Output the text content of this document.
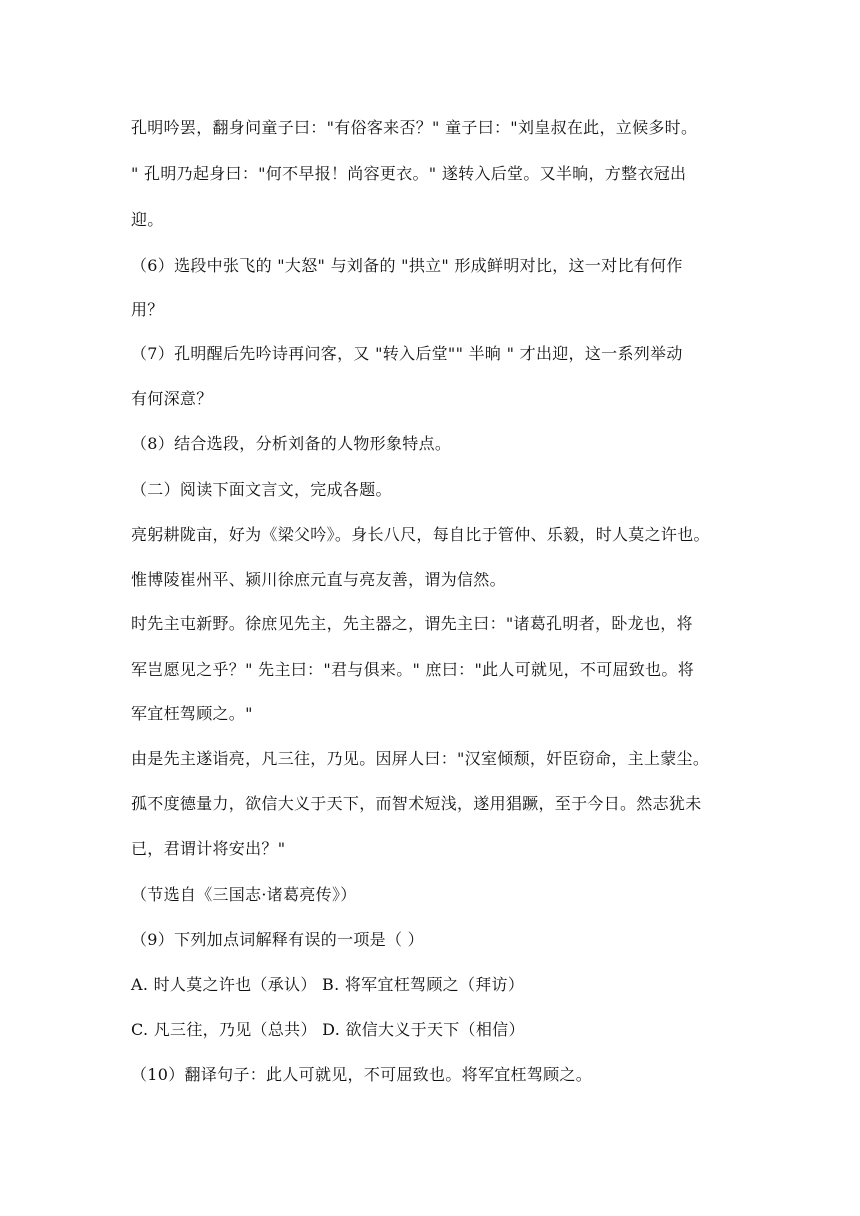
孔明吟罢，翻身问童子曰："有俗客来否？" 童子曰："刘皇叔在此，立候多时。
" 孔明乃起身曰："何不早报！尚容更衣。" 遂转入后堂。又半晌，方整衣冠出
迎。
（6）选段中张飞的 "大怒" 与刘备的 "拱立" 形成鲜明对比，这一对比有何作
用？
（7）孔明醒后先吟诗再问客，又 "转入后堂"" 半晌 " 才出迎，这一系列举动
有何深意？
（8）结合选段，分析刘备的人物形象特点。
（二）阅读下面文言文，完成各题。
亮躬耕陇亩，好为《梁父吟》。身长八尺，每自比于管仲、乐毅，时人莫之许也。
惟博陵崔州平、颍川徐庶元直与亮友善，谓为信然。
时先主屯新野。徐庶见先主，先主器之，谓先主曰："诸葛孔明者，卧龙也，将
军岂愿见之乎？" 先主曰："君与俱来。" 庶曰："此人可就见，不可屈致也。将
军宜枉驾顾之。"
由是先主遂诣亮，凡三往，乃见。因屏人曰："汉室倾颓，奸臣窃命，主上蒙尘。
孤不度德量力，欲信大义于天下，而智术短浅，遂用猖蹶，至于今日。然志犹未
已，君谓计将安出？"
（节选自《三国志·诸葛亮传》）
（9）下列加点词解释有误的一项是（ ）
A. 时人莫之许也（承认） B. 将军宜枉驾顾之（拜访）
C. 凡三往，乃见（总共） D. 欲信大义于天下（相信）
（10）翻译句子：此人可就见，不可屈致也。将军宜枉驾顾之。
